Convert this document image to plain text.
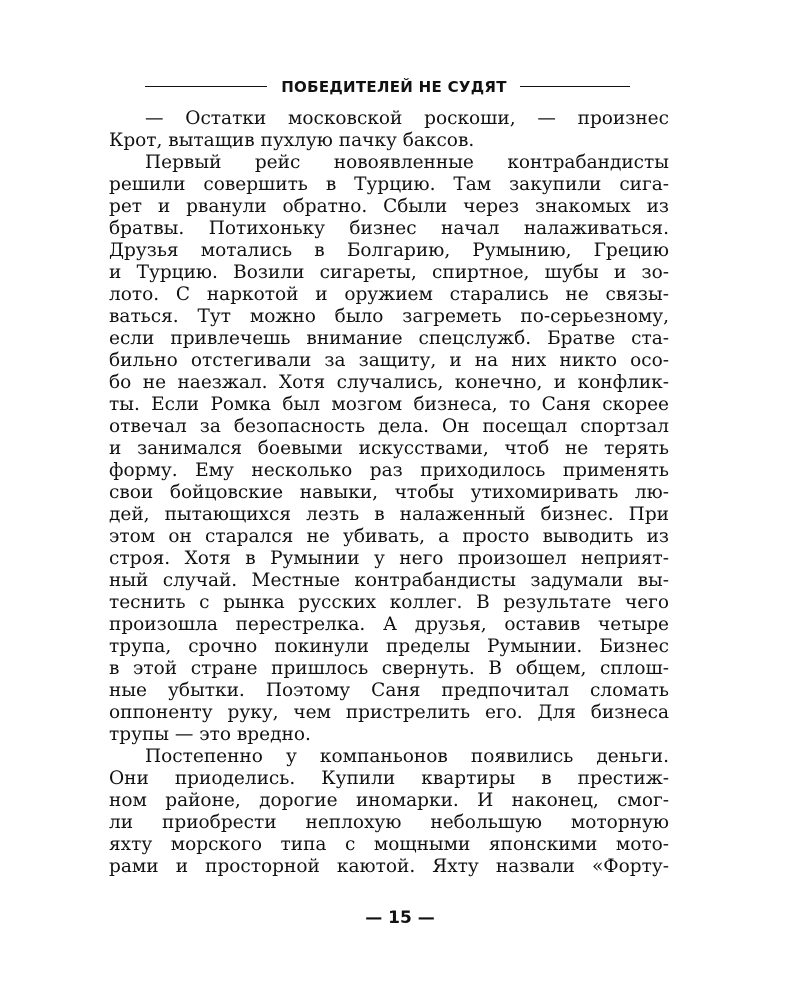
ПОБЕДИТЕЛЕЙ НЕ СУДЯТ

— Остатки московской роскоши, — произнес

Крот, вытащив пухлую пачку баксов.

Первый рейс новоявленные контрабандисты

решили совершить в Турцию. Там закупили сига-

рет и рванули обратно. Сбыли через знакомых из

братвы. Потихоньку бизнес начал налаживаться.

Друзья мотались в Болгарию, Румынию, Грецию

и Турцию. Возили сигареты, спиртное, шубы и зо-

лото. С наркотой и оружием старались не связы-

ваться. Тут можно было загреметь по-серьезному,

если привлечешь внимание спецслужб. Братве ста-

бильно отстегивали за защиту, и на них никто осо-

бо не наезжал. Хотя случались, конечно, и конфлик-

ты. Если Ромка был мозгом бизнеса, то Саня скорее

отвечал за безопасность дела. Он посещал спортзал

и занимался боевыми искусствами, чтоб не терять

форму. Ему несколько раз приходилось применять

свои бойцовские навыки, чтобы утихомиривать лю-

дей, пытающихся лезть в налаженный бизнес. При

этом он старался не убивать, а просто выводить из

строя. Хотя в Румынии у него произошел неприят-

ный случай. Местные контрабандисты задумали вы-

теснить с рынка русских коллег. В результате чего

произошла перестрелка. А друзья, оставив четыре

трупа, срочно покинули пределы Румынии. Бизнес

в этой стране пришлось свернуть. В общем, сплош-

ные убытки. Поэтому Саня предпочитал сломать

оппоненту руку, чем пристрелить его. Для бизнеса

трупы — это вредно.

Постепенно у компаньонов появились деньги.

Они приоделись. Купили квартиры в престиж-

ном районе, дорогие иномарки. И наконец, смог-

ли приобрести неплохую небольшую моторную

яхту морского типа с мощными японскими мото-

рами и просторной каютой. Яхту назвали «Форту-

— 15 —
